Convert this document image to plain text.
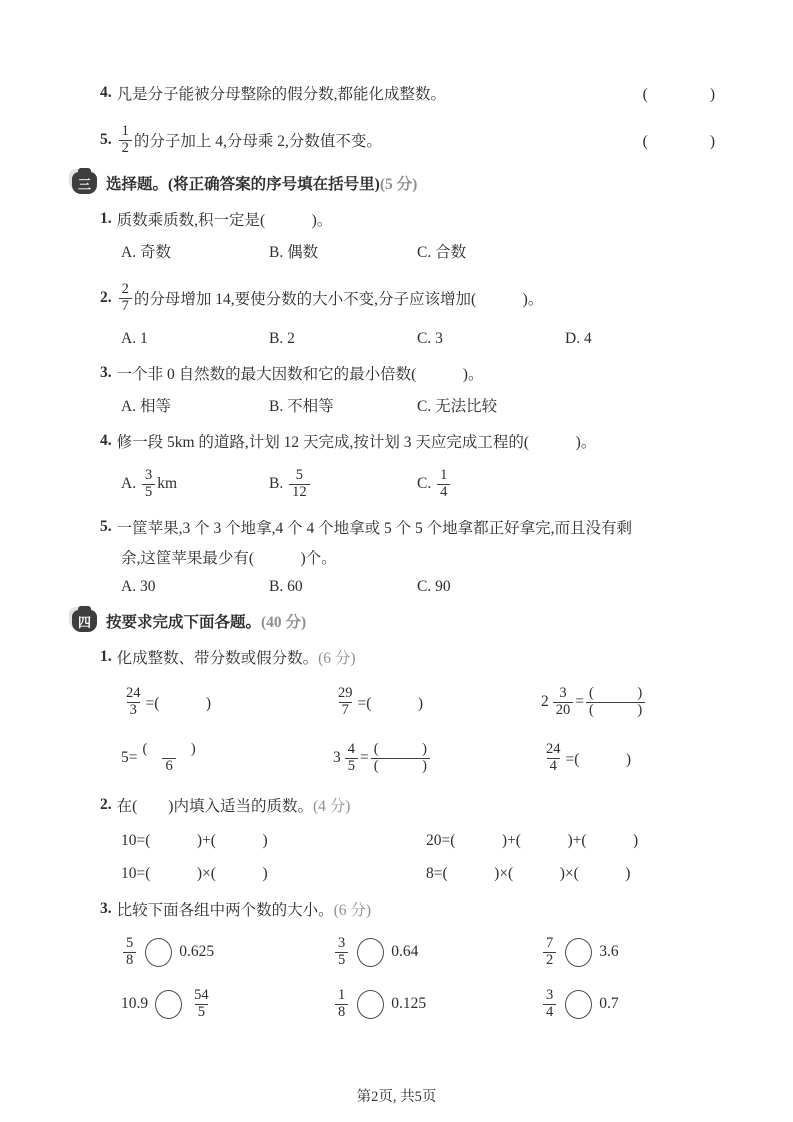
4. 凡是分子能被分母整除的假分数,都能化成整数。	(　　　　)
5. $\frac{1}{2}$ 的分子加上 4,分母乘 2,分数值不变。	(　　　　)
三 选择题。(将正确答案的序号填在括号里) (5 分)
1. 质数乘质数,积一定是(　　　)。
A. 奇数	B. 偶数	C. 合数
2. $\frac{2}{7}$ 的分母增加 14,要使分数的大小不变,分子应该增加(　　　)。
A. 1	B. 2	C. 3	D. 4
3. 一个非 0 自然数的最大因数和它的最小倍数(　　　)。
A. 相等	B. 不相等	C. 无法比较
4. 修一段 5km 的道路,计划 12 天完成,按计划 3 天应完成工程的(　　　)。
A. $\frac{3}{5}$ km	B. $\frac{5}{12}$	C. $\frac{1}{4}$
5. 一筐苹果,3 个 3 个地拿,4 个 4 个地拿或 5 个 5 个地拿都正好拿完,而且没有剩
余,这筐苹果最少有(　　　)个。
A. 30	B. 60	C. 90
四 按要求完成下面各题。 (40 分)
1. 化成整数、带分数或假分数。 (6 分)
$\frac{24}{3}$ =(　　　)	$\frac{29}{7}$ =(　　　)	$2 \frac{3}{20} = \frac{( )}{( )}$
$5= \frac{( )}{6}$	$3 \frac{4}{5} = \frac{( )}{( )}$	$\frac{24}{4}$ =(　　　)
2. 在(　　)内填入适当的质数。 (4 分)
10=(　　　)+(　　　)	20=(　　　)+(　　　)+(　　　)
10=(　　　)×(　　　)	8=(　　　)×(　　　)×(　　　)
3. 比较下面各组中两个数的大小。 (6 分)
$\frac{5}{8}$	0.625	$\frac{3}{5}$	0.64	$\frac{7}{2}$	3.6
10.9	$\frac{54}{5}$	$\frac{1}{8}$	0.125	$\frac{3}{4}$	0.7
第2页, 共5页
